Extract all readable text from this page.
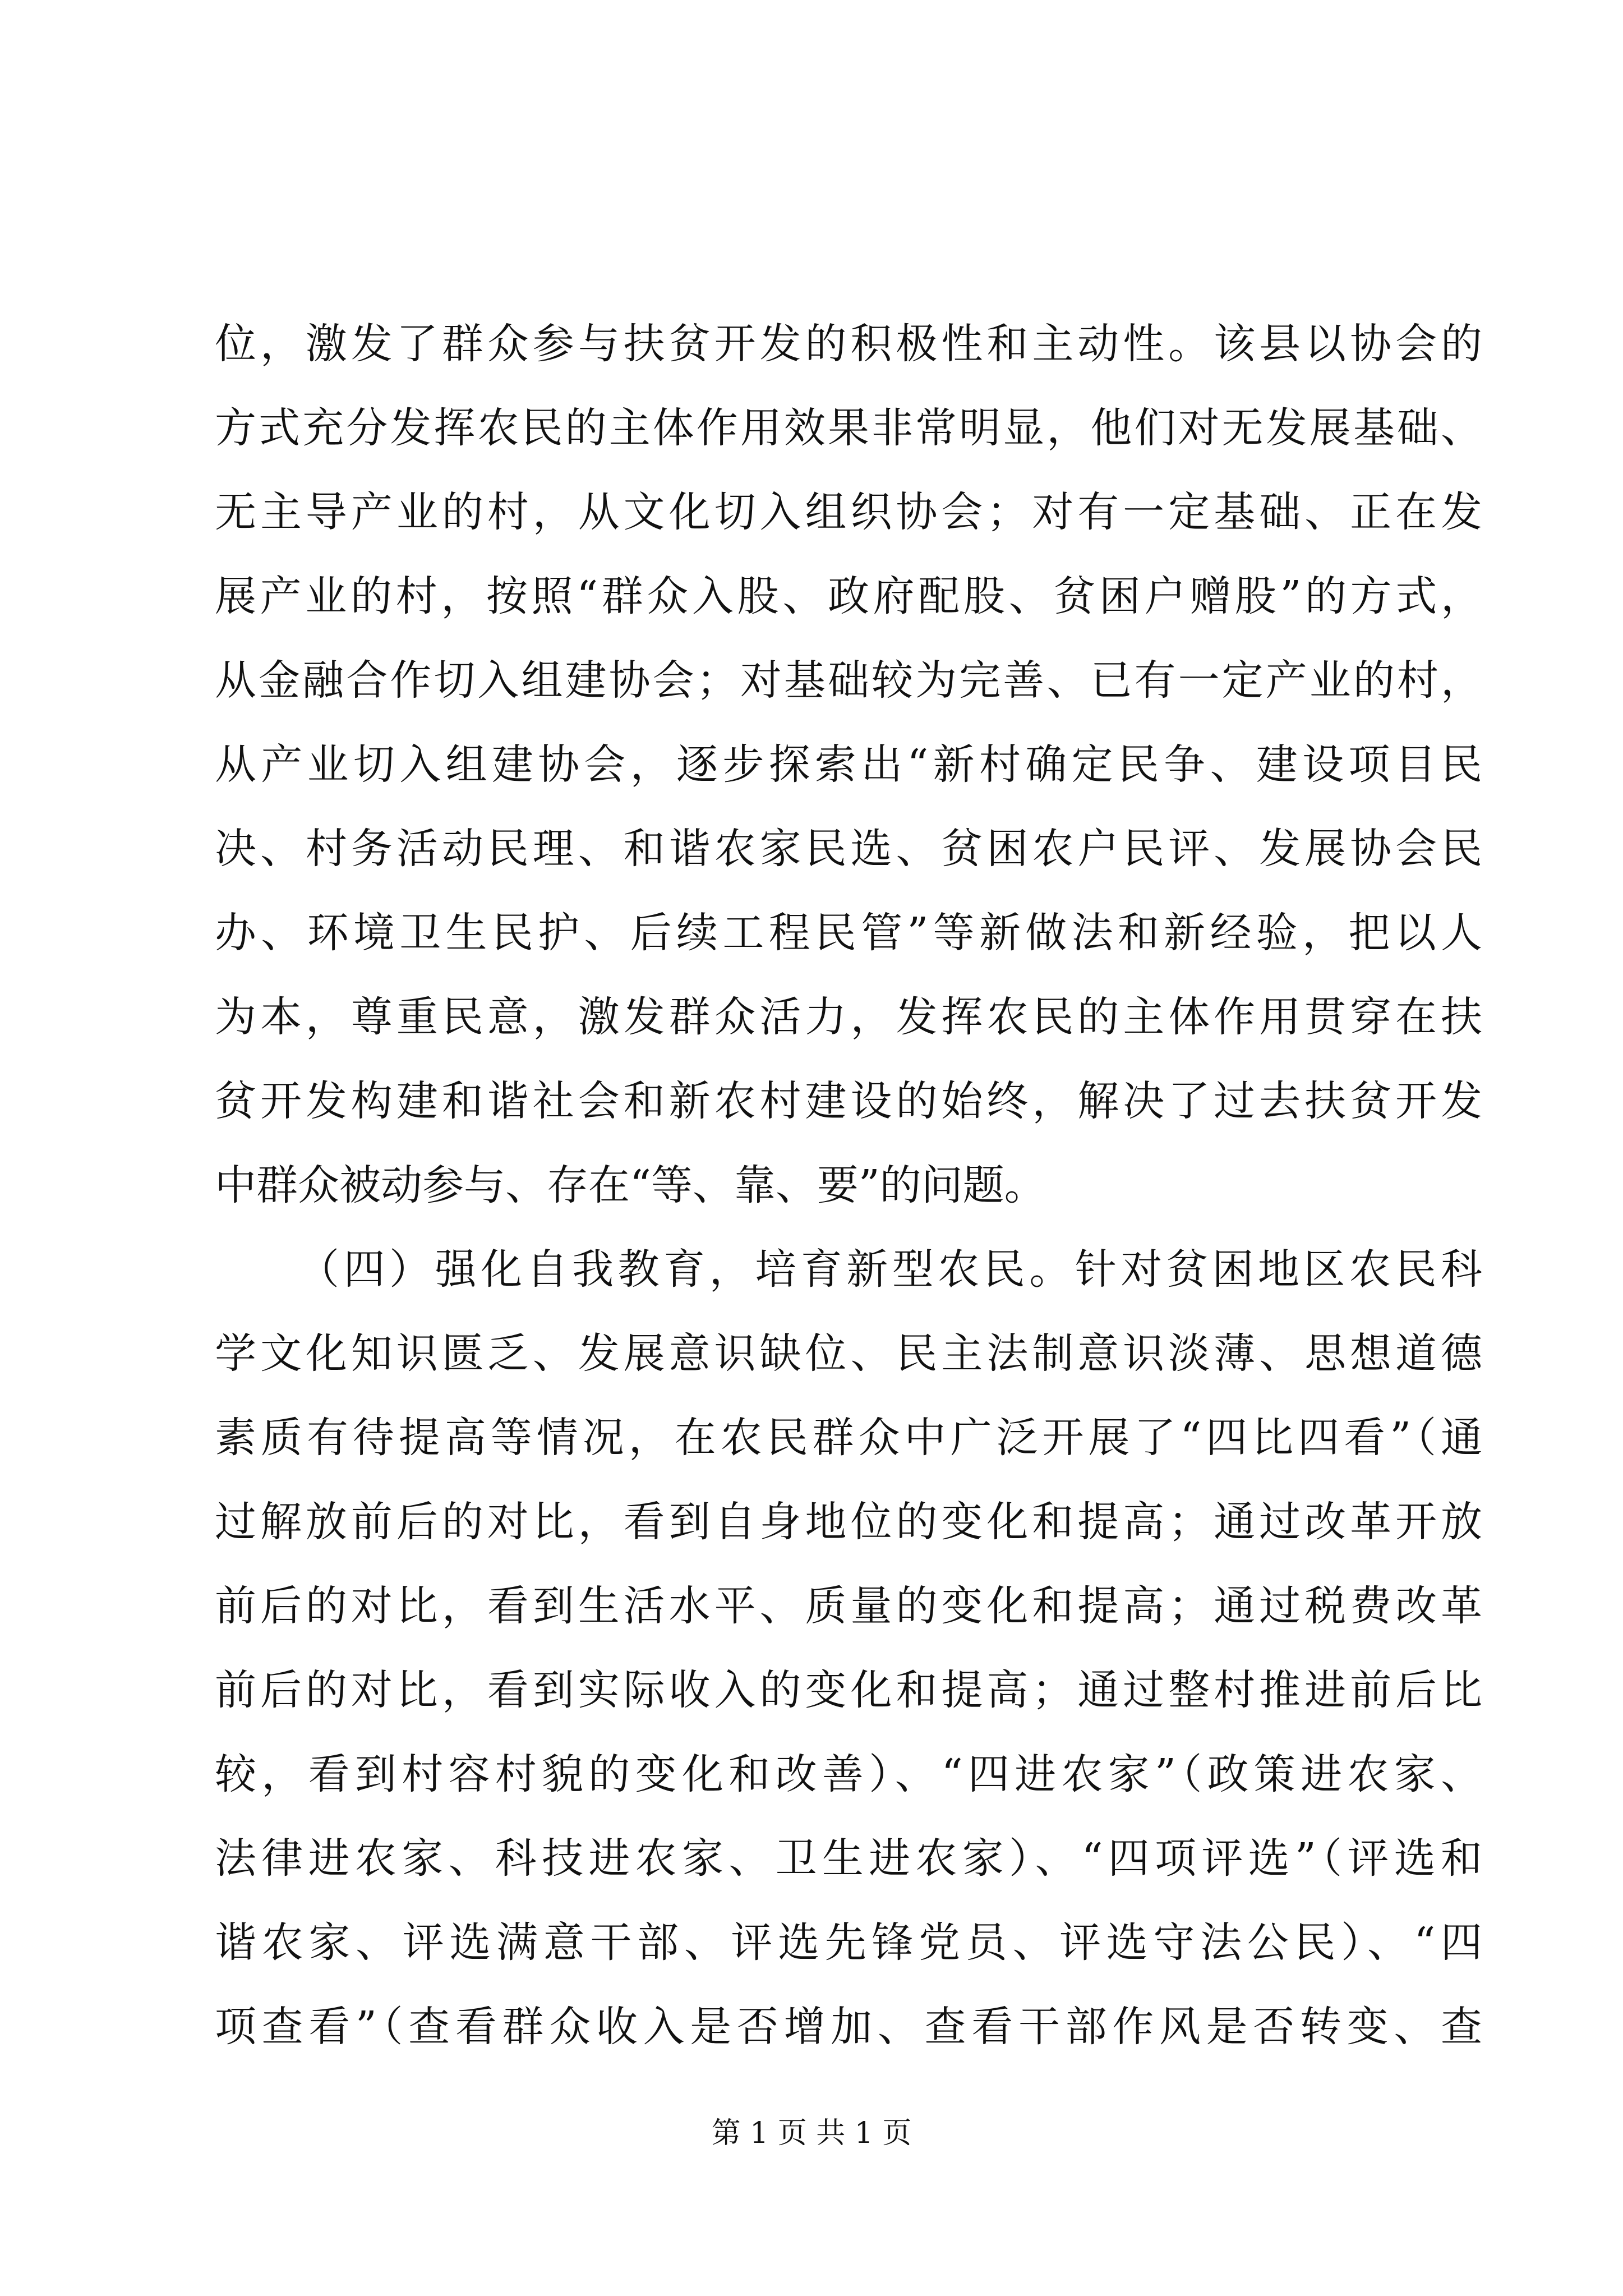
位，激发了群众参与扶贫开发的积极性和主动性。该县以协会的
方式充分发挥农民的主体作用效果非常明显，他们对无发展基础、
无主导产业的村，从文化切入组织协会；对有一定基础、正在发
展产业的村，按照“群众入股、政府配股、贫困户赠股”的方式，
从金融合作切入组建协会；对基础较为完善、已有一定产业的村，
从产业切入组建协会，逐步探索出“新村确定民争、建设项目民
决、村务活动民理、和谐农家民选、贫困农户民评、发展协会民
办、环境卫生民护、后续工程民管”等新做法和新经验，把以人
为本，尊重民意，激发群众活力，发挥农民的主体作用贯穿在扶
贫开发构建和谐社会和新农村建设的始终，解决了过去扶贫开发
中群众被动参与、存在“等、靠、要”的问题。
（四）强化自我教育，培育新型农民。针对贫困地区农民科
学文化知识匮乏、发展意识缺位、民主法制意识淡薄、思想道德
素质有待提高等情况，在农民群众中广泛开展了“四比四看”（通
过解放前后的对比，看到自身地位的变化和提高；通过改革开放
前后的对比，看到生活水平、质量的变化和提高；通过税费改革
前后的对比，看到实际收入的变化和提高；通过整村推进前后比
较，看到村容村貌的变化和改善）、“四进农家”（政策进农家、
法律进农家、科技进农家、卫生进农家）、“四项评选”（评选和
谐农家、评选满意干部、评选先锋党员、评选守法公民）、“四
项查看”（查看群众收入是否增加、查看干部作风是否转变、查
第 1 页 共 1 页
